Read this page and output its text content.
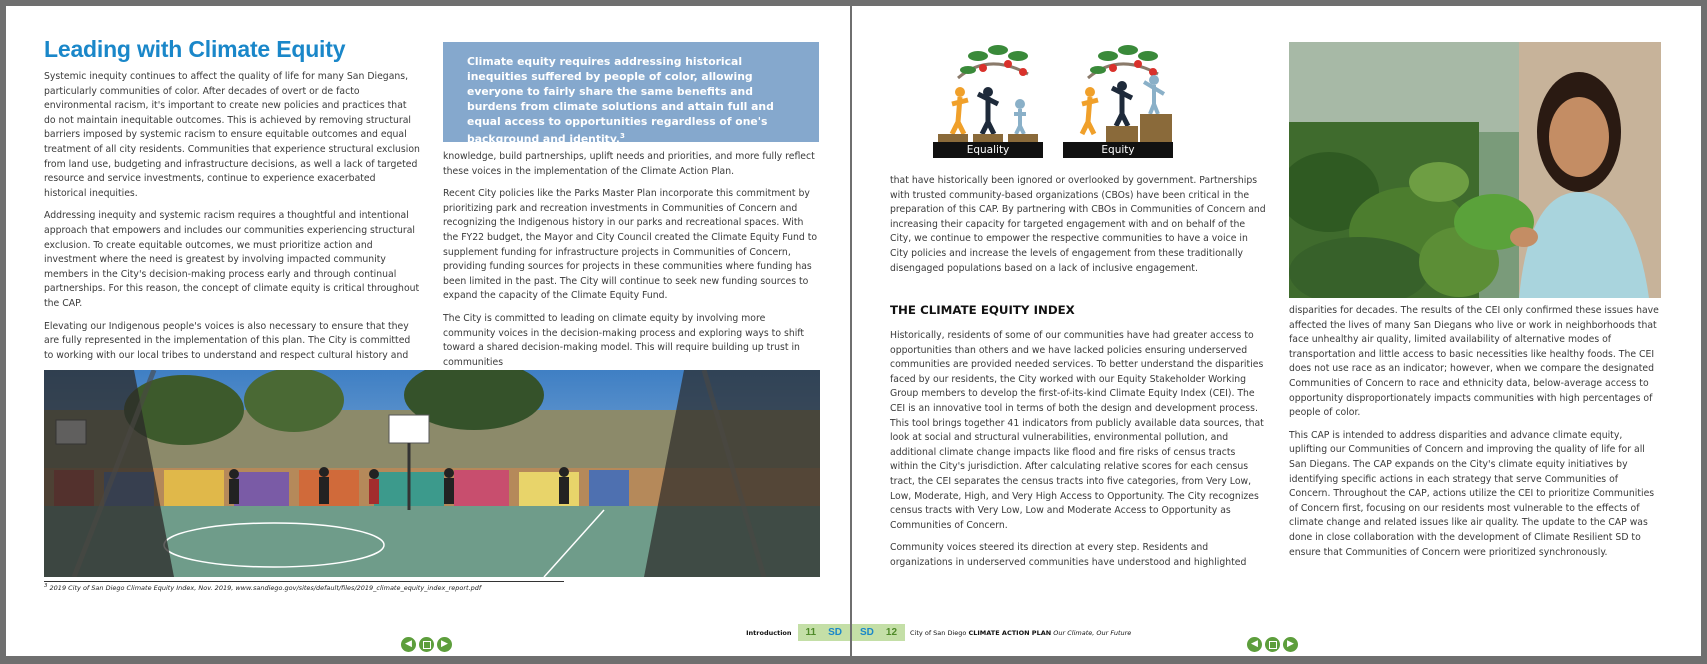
Leading with Climate Equity

Systemic inequity continues to affect the quality of life for many San Diegans, particularly communities of color. After decades of overt or de facto environmental racism, it's important to create new policies and practices that do not maintain inequitable outcomes. This is achieved by removing structural barriers imposed by systemic racism to ensure equitable outcomes and equal treatment of all city residents. Communities that experience structural exclusion from land use, budgeting and infrastructure decisions, as well a lack of targeted resource and service investments, continue to experience exacerbated historical inequities.

Addressing inequity and systemic racism requires a thoughtful and intentional approach that empowers and includes our communities experiencing structural exclusion. To create equitable outcomes, we must prioritize action and investment where the need is greatest by involving impacted community members in the City's decision-making process early and through continual partnerships. For this reason, the concept of climate equity is critical throughout the CAP.

Elevating our Indigenous people's voices is also necessary to ensure that they are fully represented in the implementation of this plan. The City is committed to working with our local tribes to understand and respect cultural history and

Climate equity requires addressing historical inequities suffered by people of color, allowing everyone to fairly share the same benefits and burdens from climate solutions and attain full and equal access to opportunities regardless of one's background and identity.$^3$

knowledge, build partnerships, uplift needs and priorities, and more fully reflect these voices in the implementation of the Climate Action Plan.

Recent City policies like the Parks Master Plan incorporate this commitment by prioritizing park and recreation investments in Communities of Concern and recognizing the Indigenous history in our parks and recreational spaces. With the FY22 budget, the Mayor and City Council created the Climate Equity Fund to supplement funding for infrastructure projects in Communities of Concern, providing funding sources for projects in these communities where funding has been limited in the past. The City will continue to seek new funding sources to expand the capacity of the Climate Equity Fund.

The City is committed to leading on climate equity by involving more community voices in the decision-making process and exploring ways to shift toward a shared decision-making model. This will require building up trust in communities

$^3$ 2019 City of San Diego Climate Equity Index, Nov. 2019, www.sandiego.gov/sites/default/files/2019_climate_equity_index_report.pdf
◀	▶
Introduction	11	SD
Equality	Equity

that have historically been ignored or overlooked by government. Partnerships with trusted community-based organizations (CBOs) have been critical in the preparation of this CAP. By partnering with CBOs in Communities of Concern and increasing their capacity for targeted engagement with and on behalf of the City, we continue to empower the respective communities to have a voice in City policies and increase the levels of engagement from these traditionally disengaged populations based on a lack of inclusive engagement.

THE CLIMATE EQUITY INDEX

Historically, residents of some of our communities have had greater access to opportunities than others and we have lacked policies ensuring underserved communities are provided needed services. To better understand the disparities faced by our residents, the City worked with our Equity Stakeholder Working Group members to develop the first-of-its-kind Climate Equity Index (CEI). The CEI is an innovative tool in terms of both the design and development process. This tool brings together 41 indicators from publicly available data sources, that look at social and structural vulnerabilities, environmental pollution, and additional climate change impacts like flood and fire risks of census tracts within the City's jurisdiction. After calculating relative scores for each census tract, the CEI separates the census tracts into five categories, from Very Low, Low, Moderate, High, and Very High Access to Opportunity. The City recognizes census tracts with Very Low, Low and Moderate Access to Opportunity as Communities of Concern.

Community voices steered its direction at every step. Residents and organizations in underserved communities have understood and highlighted

disparities for decades. The results of the CEI only confirmed these issues have affected the lives of many San Diegans who live or work in neighborhoods that face unhealthy air quality, limited availability of alternative modes of transportation and little access to basic necessities like healthy foods. The CEI does not use race as an indicator; however, when we compare the designated Communities of Concern to race and ethnicity data, below-average access to opportunity disproportionately impacts communities with high percentages of people of color.

This CAP is intended to address disparities and advance climate equity, uplifting our Communities of Concern and improving the quality of life for all San Diegans. The CAP expands on the City's climate equity initiatives by identifying specific actions in each strategy that serve Communities of Concern. Throughout the CAP, actions utilize the CEI to prioritize Communities of Concern first, focusing on our residents most vulnerable to the effects of climate change and related issues like air quality. The update to the CAP was done in close collaboration with the development of Climate Resilient SD to ensure that Communities of Concern were prioritized synchronously.

SD	12	City of San Diego CLIMATE ACTION PLAN Our Climate, Our Future
◀	▶
